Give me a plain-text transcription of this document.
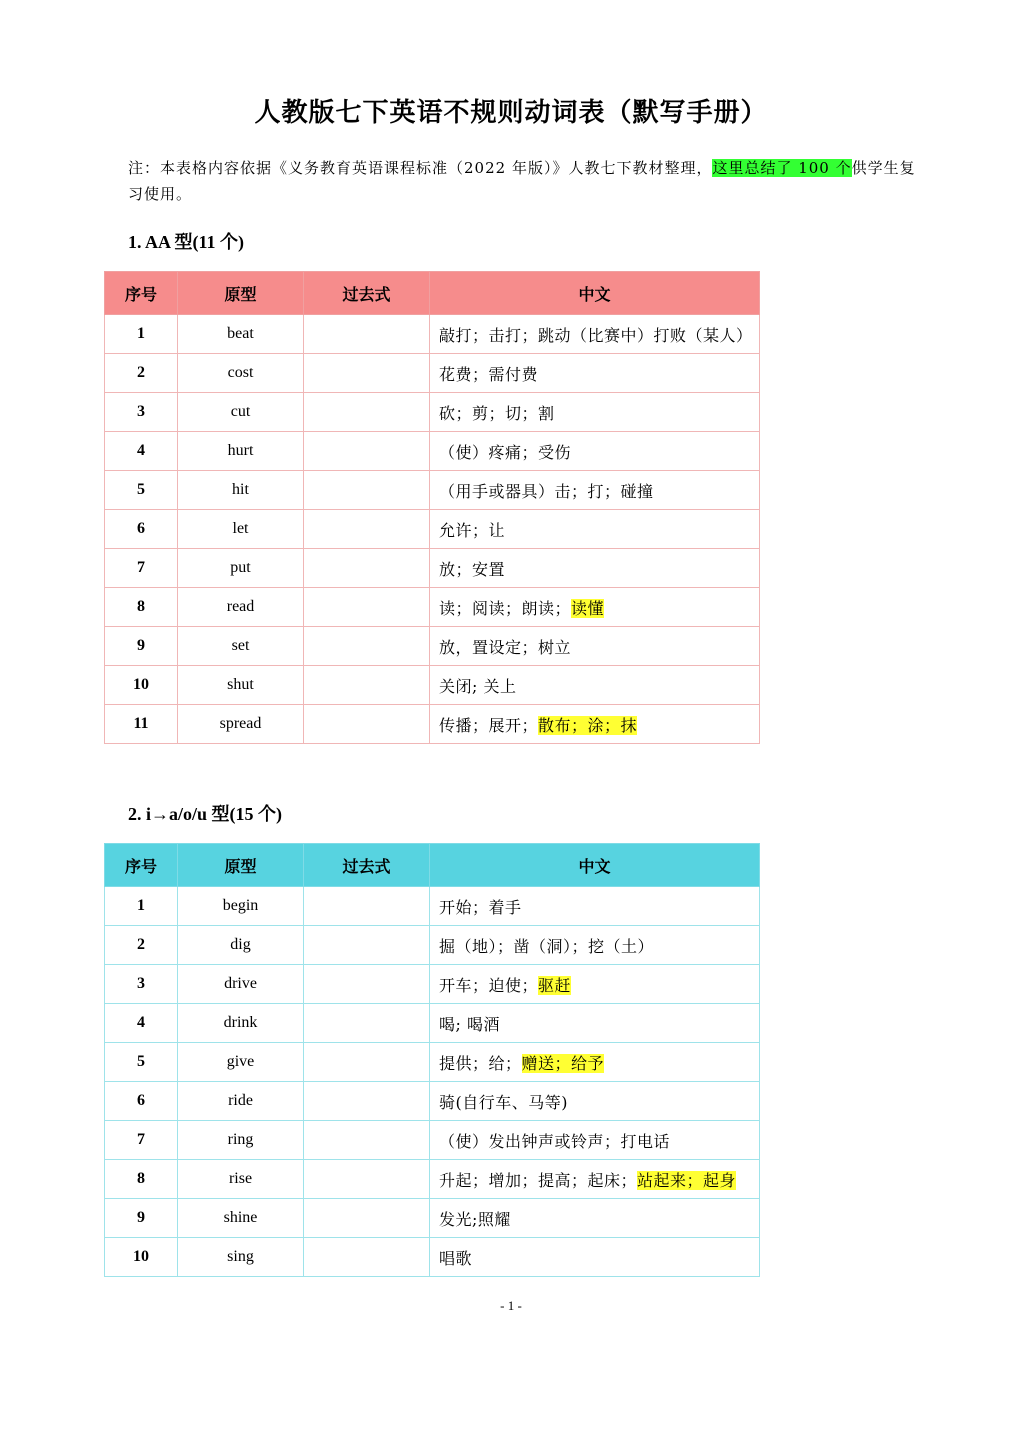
人教版七下英语不规则动词表（默写手册）
注：本表格内容依据《义务教育英语课程标准（2022 年版）》人教七下教材整理，这里总结了 100 个供学生复习使用。
1. AA 型(11 个)
序号	原型	过去式	中文
1	beat		敲打；击打；跳动（比赛中）打败（某人）
2	cost		花费；需付费
3	cut		砍；剪；切；割
4	hurt		（使）疼痛；受伤
5	hit		（用手或器具）击；打；碰撞
6	let		允许；让
7	put		放；安置
8	read		读；阅读；朗读；读懂
9	set		放，置设定；树立
10	shut		关闭; 关上
11	spread		传播；展开；散布；涂；抹
2. i→a/o/u 型(15 个)
序号	原型	过去式	中文
1	begin		开始；着手
2	dig		掘（地）；凿（洞）；挖（土）
3	drive		开车；迫使；驱赶
4	drink		喝; 喝酒
5	give		提供；给；赠送；给予
6	ride		骑(自行车、马等)
7	ring		（使）发出钟声或铃声；打电话
8	rise		升起；增加；提高；起床；站起来；起身
9	shine		发光;照耀
10	sing		唱歌
- 1 -
